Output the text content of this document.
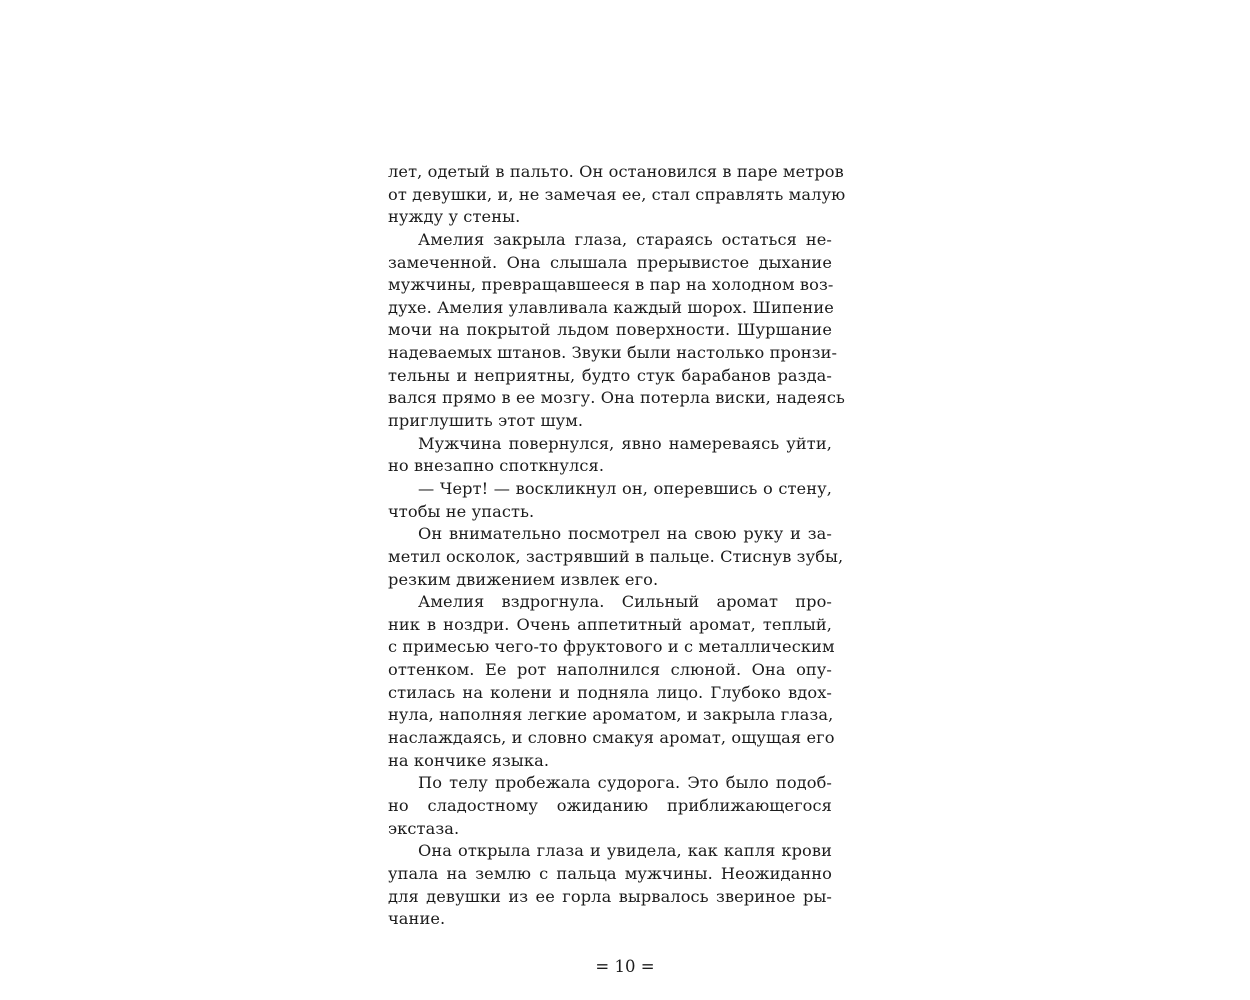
лет, одетый в пальто. Он остановился в паре метров
от девушки, и, не замечая ее, стал справлять малую
нужду у стены.
Амелия закрыла глаза, стараясь остаться не-
замеченной. Она слышала прерывистое дыхание
мужчины, превращавшееся в пар на холодном воз-
духе. Амелия улавливала каждый шорох. Шипение
мочи на покрытой льдом поверхности. Шуршание
надеваемых штанов. Звуки были настолько пронзи-
тельны и неприятны, будто стук барабанов разда-
вался прямо в ее мозгу. Она потерла виски, надеясь
приглушить этот шум.
Мужчина повернулся, явно намереваясь уйти,
но внезапно споткнулся.
— Черт! — воскликнул он, оперевшись о стену,
чтобы не упасть.
Он внимательно посмотрел на свою руку и за-
метил осколок, застрявший в пальце. Стиснув зубы,
резким движением извлек его.
Амелия вздрогнула. Сильный аромат про-
ник в ноздри. Очень аппетитный аромат, теплый,
с примесью чего-то фруктового и с металлическим
оттенком. Ее рот наполнился слюной. Она опу-
стилась на колени и подняла лицо. Глубоко вдох-
нула, наполняя легкие ароматом, и закрыла глаза,
наслаждаясь, и словно смакуя аромат, ощущая его
на кончике языка.
По телу пробежала судорога. Это было подоб-
но сладостному ожиданию приближающегося
экстаза.
Она открыла глаза и увидела, как капля крови
упала на землю с пальца мужчины. Неожиданно
для девушки из ее горла вырвалось звериное ры-
чание.
= 10 =
